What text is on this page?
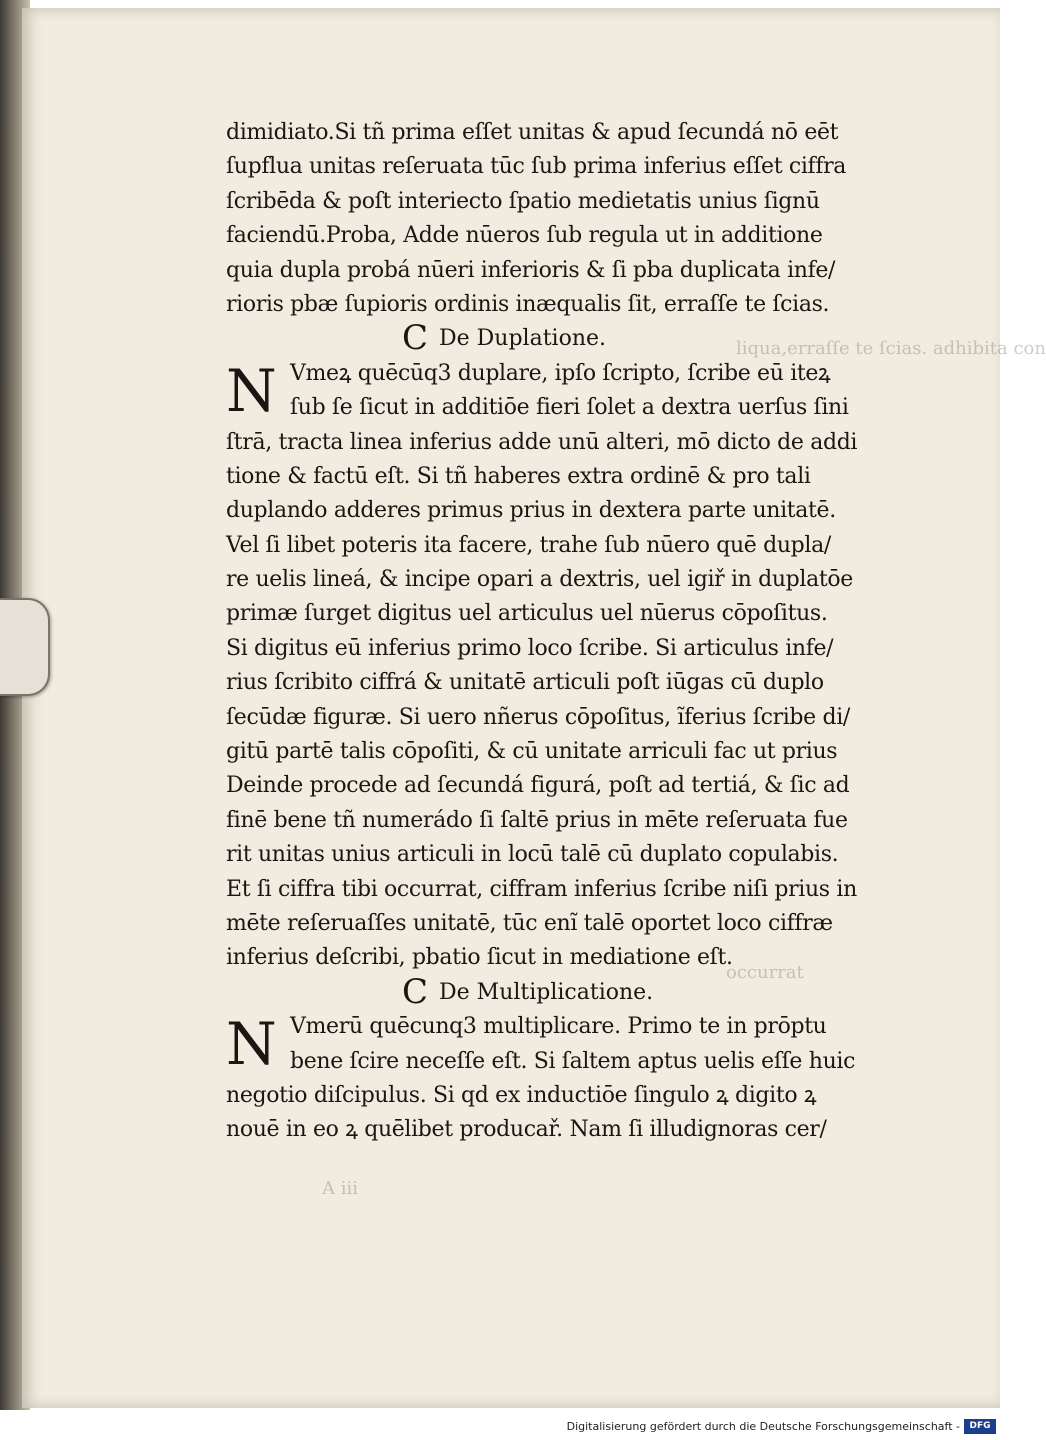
liqua,erraſſe te ſcias. adhibita con
occurrat
A iii
dimidiato.Si tñ prima eſſet unitas & apud ſecundá nō eēt
ſupflua unitas reſeruata tūc ſub prima inferius eſſet ciffra
ſcribēda & poſt interiecto ſpatio medietatis unius ſignū
faciendū.Proba, Adde nūeros ſub regula ut in additione
quia dupla probá nūeri inferioris & ſi pba duplicata infe/
rioris pbæ ſupioris ordinis inæqualis ſit, erraſſe te ſcias.
C De Duplatione.
N Vmeꝝ quēcūq3 duplare, ipſo ſcripto, ſcribe eū iteꝝ
ſub ſe ſicut in additiōe fieri ſolet a dextra uerſus ſini
ſtrā, tracta linea inferius adde unū alteri, mō dicto de addi
tione & factū eſt. Si tñ haberes extra ordinē & pro tali
duplando adderes primus prius in dextera parte unitatē.
Vel ſi libet poteris ita facere, trahe ſub nūero quē dupla/
re uelis lineá, & incipe opari a dextris, uel igiř in duplatōe
primæ ſurget digitus uel articulus uel nūerus cōpoſitus.
Si digitus eū inferius primo loco ſcribe. Si articulus infe/
rius ſcribito ciffrá & unitatē articuli poſt iūgas cū duplo
ſecūdæ figuræ. Si uero nñerus cōpoſitus, ĩferius ſcribe di/
gitū partē talis cōpoſiti, & cū unitate arriculi fac ut prius
Deinde procede ad ſecundá figurá, poſt ad tertiá, & ſic ad
finē bene tñ numerádo ſi ſaltē prius in mēte reſeruata fue
rit unitas unius articuli in locū talē cū duplato copulabis.
Et ſi ciffra tibi occurrat, ciffram inferius ſcribe niſi prius in
mēte reſeruaſſes unitatē, tūc enĩ talē oportet loco ciffræ
inferius deſcribi, pbatio ſicut in mediatione eſt.
C De Multiplicatione.
N Vmerū quēcunq3 multiplicare. Primo te in prōptu
bene ſcire neceſſe eſt. Si ſaltem aptus uelis eſſe huic
negotio diſcipulus. Si qd ex inductiōe ſingulo ꝝ digito ꝝ
nouē in eo ꝝ quēlibet producař. Nam ſi illudignoras cer/
Digitalisierung gefördert durch die Deutsche Forschungsgemeinschaft -	DFG
